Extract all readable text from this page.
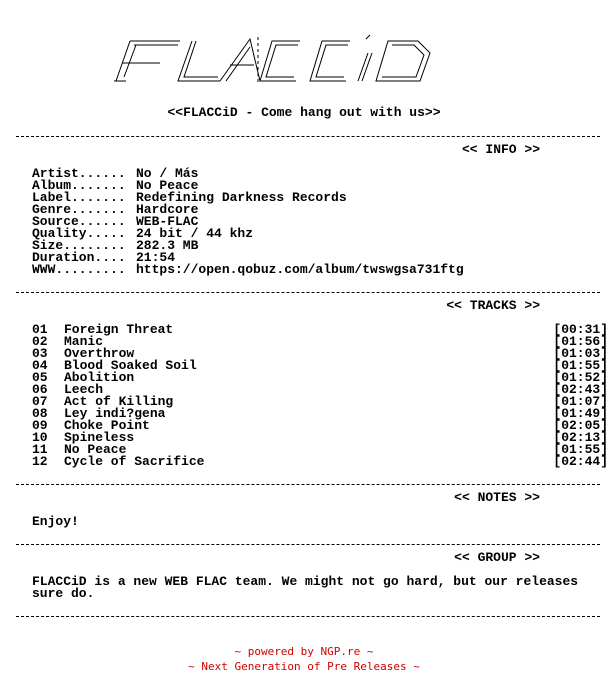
<<FLACCiD - Come hang out with us>>

<< INFO >>

Artist...... No / Más

Album....... No Peace

Label....... Redefining Darkness Records

Genre....... Hardcore

Source...... WEB-FLAC

Quality..... 24 bit / 44 khz

Size........ 282.3 MB

Duration.... 21:54

WWW......... https://open.qobuz.com/album/twswgsa731ftg

<< TRACKS >>

01 Foreign Threat	[00:31]
02 Manic	[01:56]
03 Overthrow	[01:03]
04 Blood Soaked Soil	[01:55]
05 Abolition	[01:52]
06 Leech	[02:43]
07 Act of Killing	[01:07]
08 Ley indi?gena	[01:49]
09 Choke Point	[02:05]
10 Spineless	[02:13]
11 No Peace	[01:55]
12 Cycle of Sacrifice	[02:44]

<< NOTES >>

Enjoy!

<< GROUP >>

FLACCiD is a new WEB FLAC team. We might not go hard, but our releases

sure do.

~ powered by NGP.re ~
~ Next Generation of Pre Releases ~
